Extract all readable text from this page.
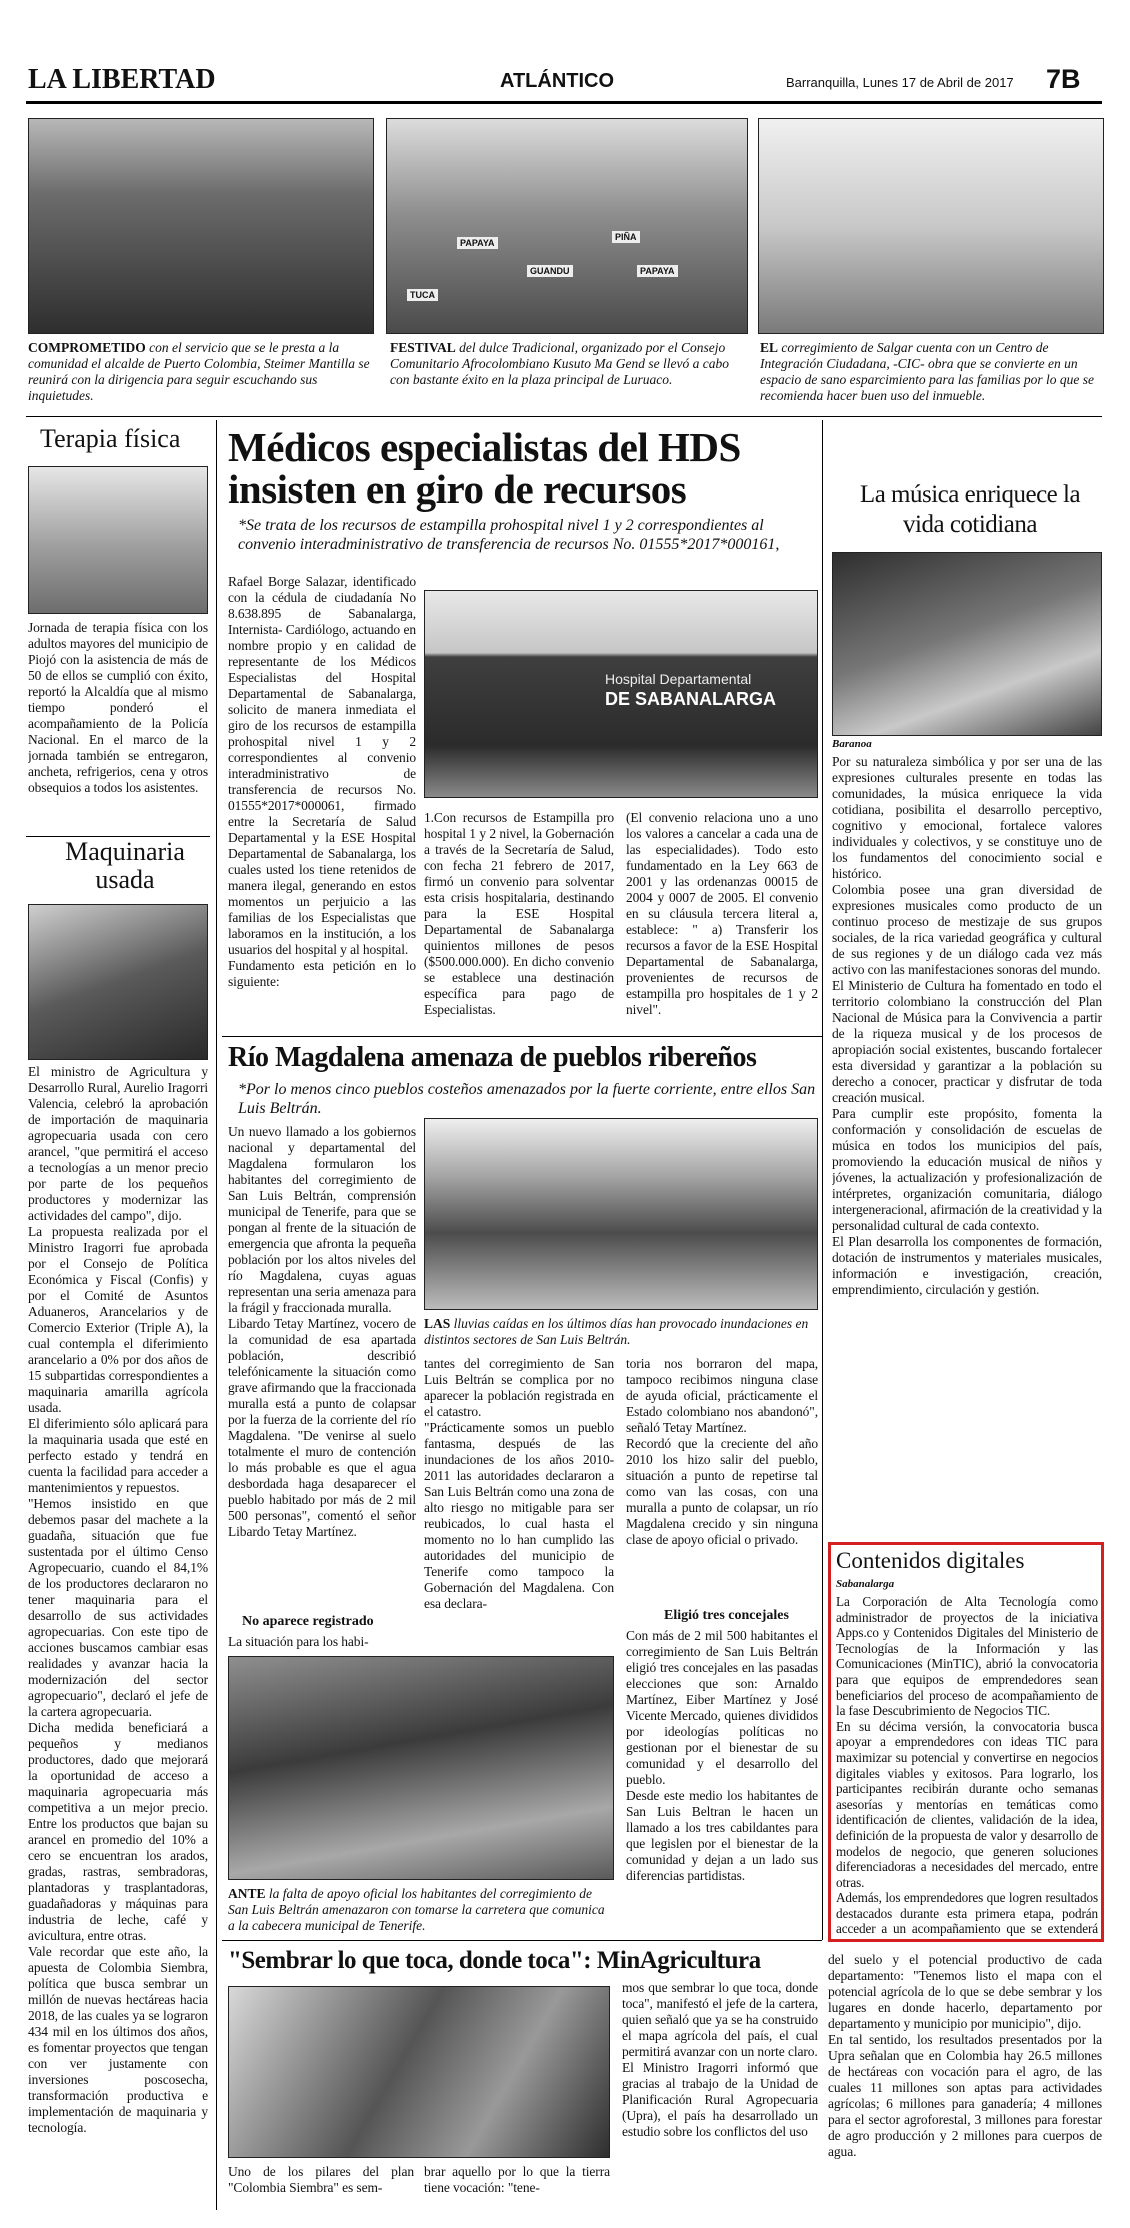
LA LIBERTAD	ATLÁNTICO	Barranquilla, Lunes 17 de Abril de 2017 7B
PAPAYA
GUANDU
PIÑA
PAPAYA
TUCA
COMPROMETIDO con el servicio que se le presta a la comunidad el alcalde de Puerto Colombia, Steimer Mantilla se reunirá con la dirigencia para seguir escuchando sus inquietudes.
FESTIVAL del dulce Tradicional, organizado por el Consejo Comunitario Afrocolombiano Kusuto Ma Gend se llevó a cabo con bastante éxito en la plaza principal de Luruaco.
EL corregimiento de Salgar cuenta con un Centro de Integración Ciudadana, -CIC- obra que se convierte en un espacio de sano esparcimiento para las familias por lo que se recomienda hacer buen uso del inmueble.
Terapia física
Jornada de terapia física con los adultos mayores del municipio de Piojó con la asistencia de más de 50 de ellos se cumplió con éxito, reportó la Alcaldía que al mismo tiempo ponderó el acompañamiento de la Policía Nacional. En el marco de la jornada también se entregaron, ancheta, refrigerios, cena y otros obsequios a todos los asistentes.
Maquinaria usada
El ministro de Agricultura y Desarrollo Rural, Aurelio Iragorri Valencia, celebró la aprobación de importación de maquinaria agropecuaria usada con cero arancel, "que permitirá el acceso a tecnologías a un menor precio por parte de los pequeños productores y modernizar las actividades del campo", dijo.
La propuesta realizada por el Ministro Iragorri fue aprobada por el Consejo de Política Económica y Fiscal (Confis) y por el Comité de Asuntos Aduaneros, Arancelarios y de Comercio Exterior (Triple A), la cual contempla el diferimiento arancelario a 0% por dos años de 15 subpartidas correspondientes a maquinaria amarilla agrícola usada.
El diferimiento sólo aplicará para la maquinaria usada que esté en perfecto estado y tendrá en cuenta la facilidad para acceder a mantenimientos y repuestos.
"Hemos insistido en que debemos pasar del machete a la guadaña, situación que fue sustentada por el último Censo Agropecuario, cuando el 84,1% de los productores declararon no tener maquinaria para el desarrollo de sus actividades agropecuarias. Con este tipo de acciones buscamos cambiar esas realidades y avanzar hacia la modernización del sector agropecuario", declaró el jefe de la cartera agropecuaria.
Dicha medida beneficiará a pequeños y medianos productores, dado que mejorará la oportunidad de acceso a maquinaria agropecuaria más competitiva a un mejor precio. Entre los productos que bajan su arancel en promedio del 10% a cero se encuentran los arados, gradas, rastras, sembradoras, plantadoras y trasplantadoras, guadañadoras y máquinas para industria de leche, café y avicultura, entre otras.
Vale recordar que este año, la apuesta de Colombia Siembra, política que busca sembrar un millón de nuevas hectáreas hacia 2018, de las cuales ya se lograron 434 mil en los últimos dos años, es fomentar proyectos que tengan con ver justamente con inversiones poscosecha, transformación productiva e implementación de maquinaria y tecnología.
Médicos especialistas del HDS insisten en giro de recursos
*Se trata de los recursos de estampilla prohospital nivel 1 y 2 correspondientes al convenio interadministrativo de transferencia de recursos No. 01555*2017*000161,
Rafael Borge Salazar, identificado con la cédula de ciudadanía No 8.638.895 de Sabanalarga, Internista- Cardiólogo, actuando en nombre propio y en calidad de representante de los Médicos Especialistas del Hospital Departamental de Sabanalarga, solicito de manera inmediata el giro de los recursos de estampilla prohospital nivel 1 y 2 correspondientes al convenio interadministrativo de transferencia de recursos No. 01555*2017*000061, firmado entre la Secretaría de Salud Departamental y la ESE Hospital Departamental de Sabanalarga, los cuales usted los tiene retenidos de manera ilegal, generando en estos momentos un perjuicio a las familias de los Especialistas que laboramos en la institución, a los usuarios del hospital y al hospital.
Fundamento esta petición en lo siguiente:
Hospital Departamental
DE SABANALARGA
1.Con recursos de Estampilla pro hospital 1 y 2 nivel, la Gobernación a través de la Secretaría de Salud, con fecha 21 febrero de 2017, firmó un convenio para solventar esta crisis hospitalaria, destinando para la ESE Hospital Departamental de Sabanalarga quinientos millones de pesos ($500.000.000). En dicho convenio se establece una destinación específica para pago de Especialistas.
(El convenio relaciona uno a uno los valores a cancelar a cada una de las especialidades). Todo esto fundamentado en la Ley 663 de 2001 y las ordenanzas 00015 de 2004 y 0007 de 2005. El convenio en su cláusula tercera literal a, establece: " a) Transferir los recursos a favor de la ESE Hospital Departamental de Sabanalarga, provenientes de recursos de estampilla pro hospitales de 1 y 2 nivel".
Río Magdalena amenaza de pueblos ribereños
*Por lo menos cinco pueblos costeños amenazados por la fuerte corriente, entre ellos San Luis Beltrán.
Un nuevo llamado a los gobiernos nacional y departamental del Magdalena formularon los habitantes del corregimiento de San Luis Beltrán, comprensión municipal de Tenerife, para que se pongan al frente de la situación de emergencia que afronta la pequeña población por los altos niveles del río Magdalena, cuyas aguas representan una seria amenaza para la frágil y fraccionada muralla.
Libardo Tetay Martínez, vocero de la comunidad de esa apartada población, describió telefónicamente la situación como grave afirmando que la fraccionada muralla está a punto de colapsar por la fuerza de la corriente del río Magdalena. "De venirse al suelo totalmente el muro de contención lo más probable es que el agua desbordada haga desaparecer el pueblo habitado por más de 2 mil 500 personas", comentó el señor Libardo Tetay Martínez.
LAS lluvias caídas en los últimos días han provocado inundaciones en distintos sectores de San Luis Beltrán.
tantes del corregimiento de San Luis Beltrán se complica por no aparecer la población registrada en el catastro.
"Prácticamente somos un pueblo fantasma, después de las inundaciones de los años 2010-2011 las autoridades declararon a San Luis Beltrán como una zona de alto riesgo no mitigable para ser reubicados, lo cual hasta el momento no lo han cumplido las autoridades del municipio de Tenerife como tampoco la Gobernación del Magdalena. Con esa declara-
toria nos borraron del mapa, tampoco recibimos ninguna clase de ayuda oficial, prácticamente el Estado colombiano nos abandonó", señaló Tetay Martínez.
Recordó que la creciente del año 2010 los hizo salir del pueblo, situación a punto de repetirse tal como van las cosas, con una muralla a punto de colapsar, un río Magdalena crecido y sin ninguna clase de apoyo oficial o privado.
No aparece registrado
La situación para los habi-
Eligió tres concejales
Con más de 2 mil 500 habitantes el corregimiento de San Luis Beltrán eligió tres concejales en las pasadas elecciones que son: Arnaldo Martínez, Eiber Martínez y José Vicente Mercado, quienes divididos por ideologías políticas no gestionan por el bienestar de su comunidad y el desarrollo del pueblo.
Desde este medio los habitantes de San Luis Beltran le hacen un llamado a los tres cabildantes para que legislen por el bienestar de la comunidad y dejan a un lado sus diferencias partidistas.
ANTE la falta de apoyo oficial los habitantes del corregimiento de San Luis Beltrán amenazaron con tomarse la carretera que comunica a la cabecera municipal de Tenerife.
"Sembrar lo que toca, donde toca": MinAgricultura
Uno de los pilares del plan "Colombia Siembra" es sem-
brar aquello por lo que la tierra tiene vocación: "tene-
mos que sembrar lo que toca, donde toca", manifestó el jefe de la cartera, quien señaló que ya se ha construido el mapa agrícola del país, el cual permitirá avanzar con un norte claro.
El Ministro Iragorri informó que gracias al trabajo de la Unidad de Planificación Rural Agropecuaria (Upra), el país ha desarrollado un estudio sobre los conflictos del uso
BREVES
La música enriquece la vida cotidiana
Baranoa
Por su naturaleza simbólica y por ser una de las expresiones culturales presente en todas las comunidades, la música enriquece la vida cotidiana, posibilita el desarrollo perceptivo, cognitivo y emocional, fortalece valores individuales y colectivos, y se constituye uno de los fundamentos del conocimiento social e histórico.
Colombia posee una gran diversidad de expresiones musicales como producto de un continuo proceso de mestizaje de sus grupos sociales, de la rica variedad geográfica y cultural de sus regiones y de un diálogo cada vez más activo con las manifestaciones sonoras del mundo.
El Ministerio de Cultura ha fomentado en todo el territorio colombiano la construcción del Plan Nacional de Música para la Convivencia a partir de la riqueza musical y de los procesos de apropiación social existentes, buscando fortalecer esta diversidad y garantizar a la población su derecho a conocer, practicar y disfrutar de toda creación musical.
Para cumplir este propósito, fomenta la conformación y consolidación de escuelas de música en todos los municipios del país, promoviendo la educación musical de niños y jóvenes, la actualización y profesionalización de intérpretes, organización comunitaria, diálogo intergeneracional, afirmación de la creatividad y la personalidad cultural de cada contexto.
El Plan desarrolla los componentes de formación, dotación de instrumentos y materiales musicales, información e investigación, creación, emprendimiento, circulación y gestión.
Contenidos digitales
Sabanalarga
La Corporación de Alta Tecnología como administrador de proyectos de la iniciativa Apps.co y Contenidos Digitales del Ministerio de Tecnologías de la Información y las Comunicaciones (MinTIC), abrió la convocatoria para que equipos de emprendedores sean beneficiarios del proceso de acompañamiento de la fase Descubrimiento de Negocios TIC.
En su décima versión, la convocatoria busca apoyar a emprendedores con ideas TIC para maximizar su potencial y convertirse en negocios digitales viables y exitosos. Para lograrlo, los participantes recibirán durante ocho semanas asesorías y mentorías en temáticas como identificación de clientes, validación de la idea, definición de la propuesta de valor y desarrollo de modelos de negocio, que generen soluciones diferenciadoras a necesidades del mercado, entre otras.
Además, los emprendedores que logren resultados destacados durante esta primera etapa, podrán acceder a un acompañamiento que se extenderá
del suelo y el potencial productivo de cada departamento: "Tenemos listo el mapa con el potencial agrícola de lo que se debe sembrar y los lugares en donde hacerlo, departamento por departamento y municipio por municipio", dijo.
En tal sentido, los resultados presentados por la Upra señalan que en Colombia hay 26.5 millones de hectáreas con vocación para el agro, de las cuales 11 millones son aptas para actividades agrícolas; 6 millones para ganadería; 4 millones para el sector agroforestal, 3 millones para forestar de agro producción y 2 millones para cuerpos de agua.
